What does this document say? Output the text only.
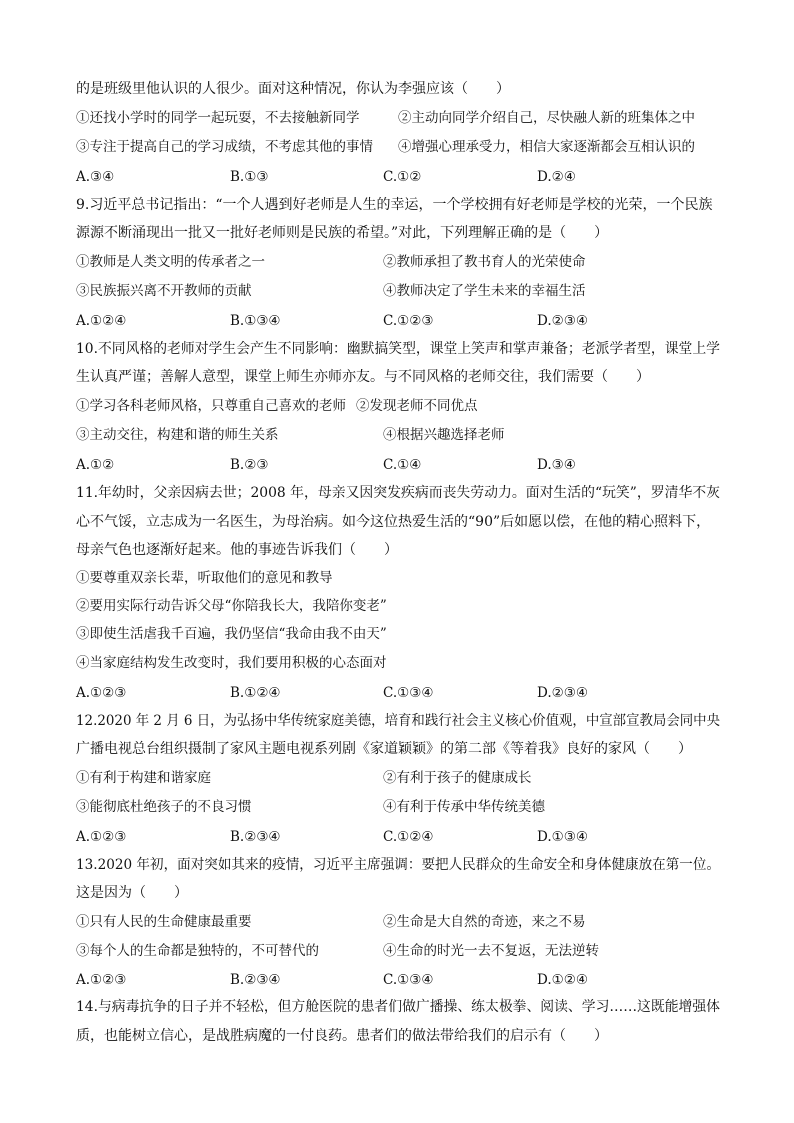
的是班级里他认识的人很少。面对这种情况，你认为李强应该（　　）
①还找小学时的同学一起玩耍，不去接触新同学	②主动向同学介绍自己，尽快融人新的班集体之中
③专注于提高自己的学习成绩，不考虑其他的事情 ④增强心理承受力，相信大家逐渐都会互相认识的
A.③④	B.①③	C.①②	D.②④
9.习近平总书记指出：“一个人遇到好老师是人生的幸运，一个学校拥有好老师是学校的光荣，一个民族
源源不断涌现出一批又一批好老师则是民族的希望。”对此，下列理解正确的是（　　）
①教师是人类文明的传承者之一	②教师承担了教书育人的光荣使命
③民族振兴离不开教师的贡献	④教师决定了学生未来的幸福生活
A.①②④	B.①③④	C.①②③	D.②③④
10.不同风格的老师对学生会产生不同影响：幽默搞笑型，课堂上笑声和掌声兼备；老派学者型，课堂上学
生认真严谨；善解人意型，课堂上师生亦师亦友。与不同风格的老师交往，我们需要（　　）
①学习各科老师风格，只尊重自己喜欢的老师 ②发现老师不同优点
③主动交往，构建和谐的师生关系	④根据兴趣选择老师
A.①②	B.②③	C.①④	D.③④
11.年幼时，父亲因病去世；2008 年，母亲又因突发疾病而丧失劳动力。面对生活的“玩笑”，罗清华不灰
心不气馁，立志成为一名医生，为母治病。如今这位热爱生活的“90”后如愿以偿，在他的精心照料下，
母亲气色也逐渐好起来。他的事迹告诉我们（　　）
①要尊重双亲长辈，听取他们的意见和教导
②要用实际行动告诉父母“你陪我长大，我陪你变老”
③即使生活虐我千百遍，我仍坚信“我命由我不由天”
④当家庭结构发生改变时，我们要用积极的心态面对
A.①②③	B.①②④	C.①③④	D.②③④
12.2020 年 2 月 6 日，为弘扬中华传统家庭美德，培育和践行社会主义核心价值观，中宣部宣教局会同中央
广播电视总台组织摄制了家风主题电视系列剧《家道颖颖》的第二部《等着我》良好的家风（　　）
①有利于构建和谐家庭	②有利于孩子的健康成长
③能彻底杜绝孩子的不良习惯	④有利于传承中华传统美德
A.①②③	B.②③④	C.①②④	D.①③④
13.2020 年初，面对突如其来的疫情，习近平主席强调：要把人民群众的生命安全和身体健康放在第一位。
这是因为（　　）
①只有人民的生命健康最重要	②生命是大自然的奇迹，来之不易
③每个人的生命都是独特的，不可替代的	④生命的时光一去不复返，无法逆转
A.①②③	B.②③④	C.①③④	D.①②④
14.与病毒抗争的日子并不轻松，但方舱医院的患者们做广播操、练太极拳、阅读、学习……这既能增强体
质，也能树立信心，是战胜病魔的一付良药。患者们的做法带给我们的启示有（　　）
